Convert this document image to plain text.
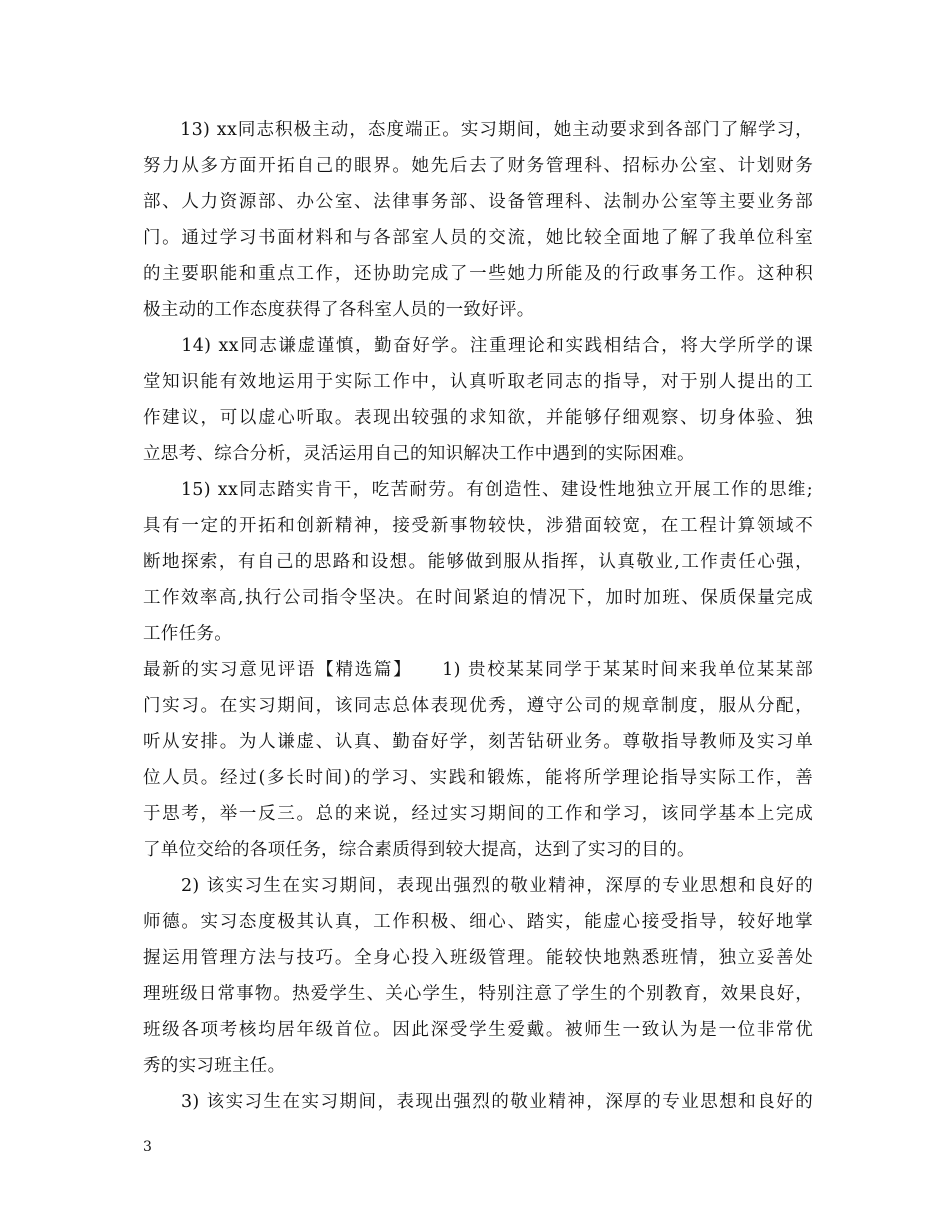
　　13) xx同志积极主动，态度端正。实习期间，她主动要求到各部门了解学习，
努力从多方面开拓自己的眼界。她先后去了财务管理科、招标办公室、计划财务
部、人力资源部、办公室、法律事务部、设备管理科、法制办公室等主要业务部
门。通过学习书面材料和与各部室人员的交流，她比较全面地了解了我单位科室
的主要职能和重点工作，还协助完成了一些她力所能及的行政事务工作。这种积
极主动的工作态度获得了各科室人员的一致好评。
　　14) xx同志谦虚谨慎，勤奋好学。注重理论和实践相结合，将大学所学的课
堂知识能有效地运用于实际工作中，认真听取老同志的指导，对于别人提出的工
作建议，可以虚心听取。表现出较强的求知欲，并能够仔细观察、切身体验、独
立思考、综合分析，灵活运用自己的知识解决工作中遇到的实际困难。
　　15) xx同志踏实肯干，吃苦耐劳。有创造性、建设性地独立开展工作的思维;
具有一定的开拓和创新精神，接受新事物较快，涉猎面较宽，在工程计算领域不
断地探索，有自己的思路和设想。能够做到服从指挥，认真敬业,工作责任心强，
工作效率高,执行公司指令坚决。在时间紧迫的情况下，加时加班、保质保量完成
工作任务。
最新的实习意见评语【精选篇】　　1) 贵校某某同学于某某时间来我单位某某部
门实习。在实习期间，该同志总体表现优秀，遵守公司的规章制度，服从分配，
听从安排。为人谦虚、认真、勤奋好学，刻苦钻研业务。尊敬指导教师及实习单
位人员。经过(多长时间)的学习、实践和锻炼，能将所学理论指导实际工作，善
于思考，举一反三。总的来说，经过实习期间的工作和学习，该同学基本上完成
了单位交给的各项任务，综合素质得到较大提高，达到了实习的目的。
　　2) 该实习生在实习期间，表现出强烈的敬业精神，深厚的专业思想和良好的
师德。实习态度极其认真，工作积极、细心、踏实，能虚心接受指导，较好地掌
握运用管理方法与技巧。全身心投入班级管理。能较快地熟悉班情，独立妥善处
理班级日常事物。热爱学生、关心学生，特别注意了学生的个别教育，效果良好，
班级各项考核均居年级首位。因此深受学生爱戴。被师生一致认为是一位非常优
秀的实习班主任。
　　3) 该实习生在实习期间，表现出强烈的敬业精神，深厚的专业思想和良好的
3
